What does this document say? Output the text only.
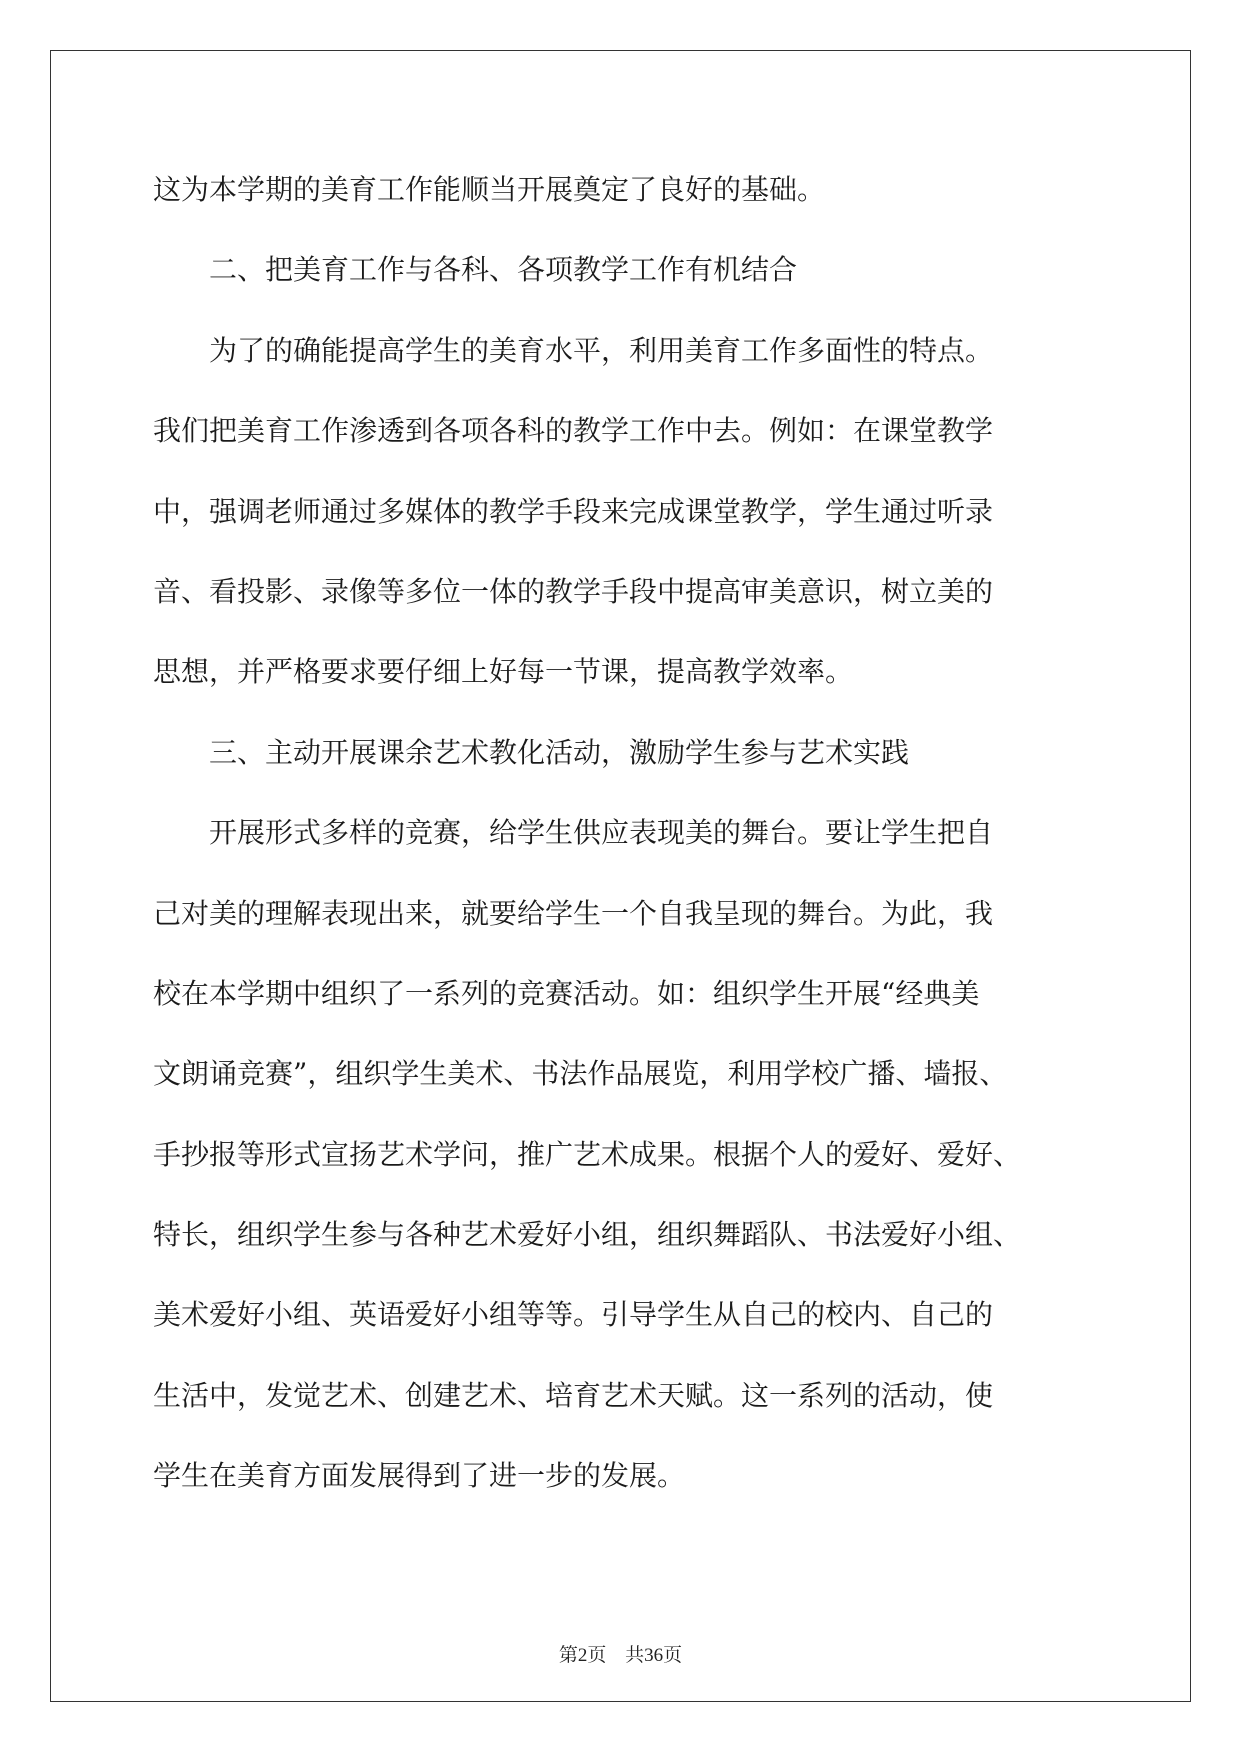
这为本学期的美育工作能顺当开展奠定了良好的基础。
　　二、把美育工作与各科、各项教学工作有机结合
　　为了的确能提高学生的美育水平，利用美育工作多面性的特点。
我们把美育工作渗透到各项各科的教学工作中去。例如：在课堂教学
中，强调老师通过多媒体的教学手段来完成课堂教学，学生通过听录
音、看投影、录像等多位一体的教学手段中提高审美意识，树立美的
思想，并严格要求要仔细上好每一节课，提高教学效率。
　　三、主动开展课余艺术教化活动，激励学生参与艺术实践
　　开展形式多样的竞赛，给学生供应表现美的舞台。要让学生把自
己对美的理解表现出来，就要给学生一个自我呈现的舞台。为此，我
校在本学期中组织了一系列的竞赛活动。如：组织学生开展“经典美
文朗诵竞赛”，组织学生美术、书法作品展览，利用学校广播、墙报、
手抄报等形式宣扬艺术学问，推广艺术成果。根据个人的爱好、爱好、
特长，组织学生参与各种艺术爱好小组，组织舞蹈队、书法爱好小组、
美术爱好小组、英语爱好小组等等。引导学生从自己的校内、自己的
生活中，发觉艺术、创建艺术、培育艺术天赋。这一系列的活动，使
学生在美育方面发展得到了进一步的发展。
第2页 共36页
